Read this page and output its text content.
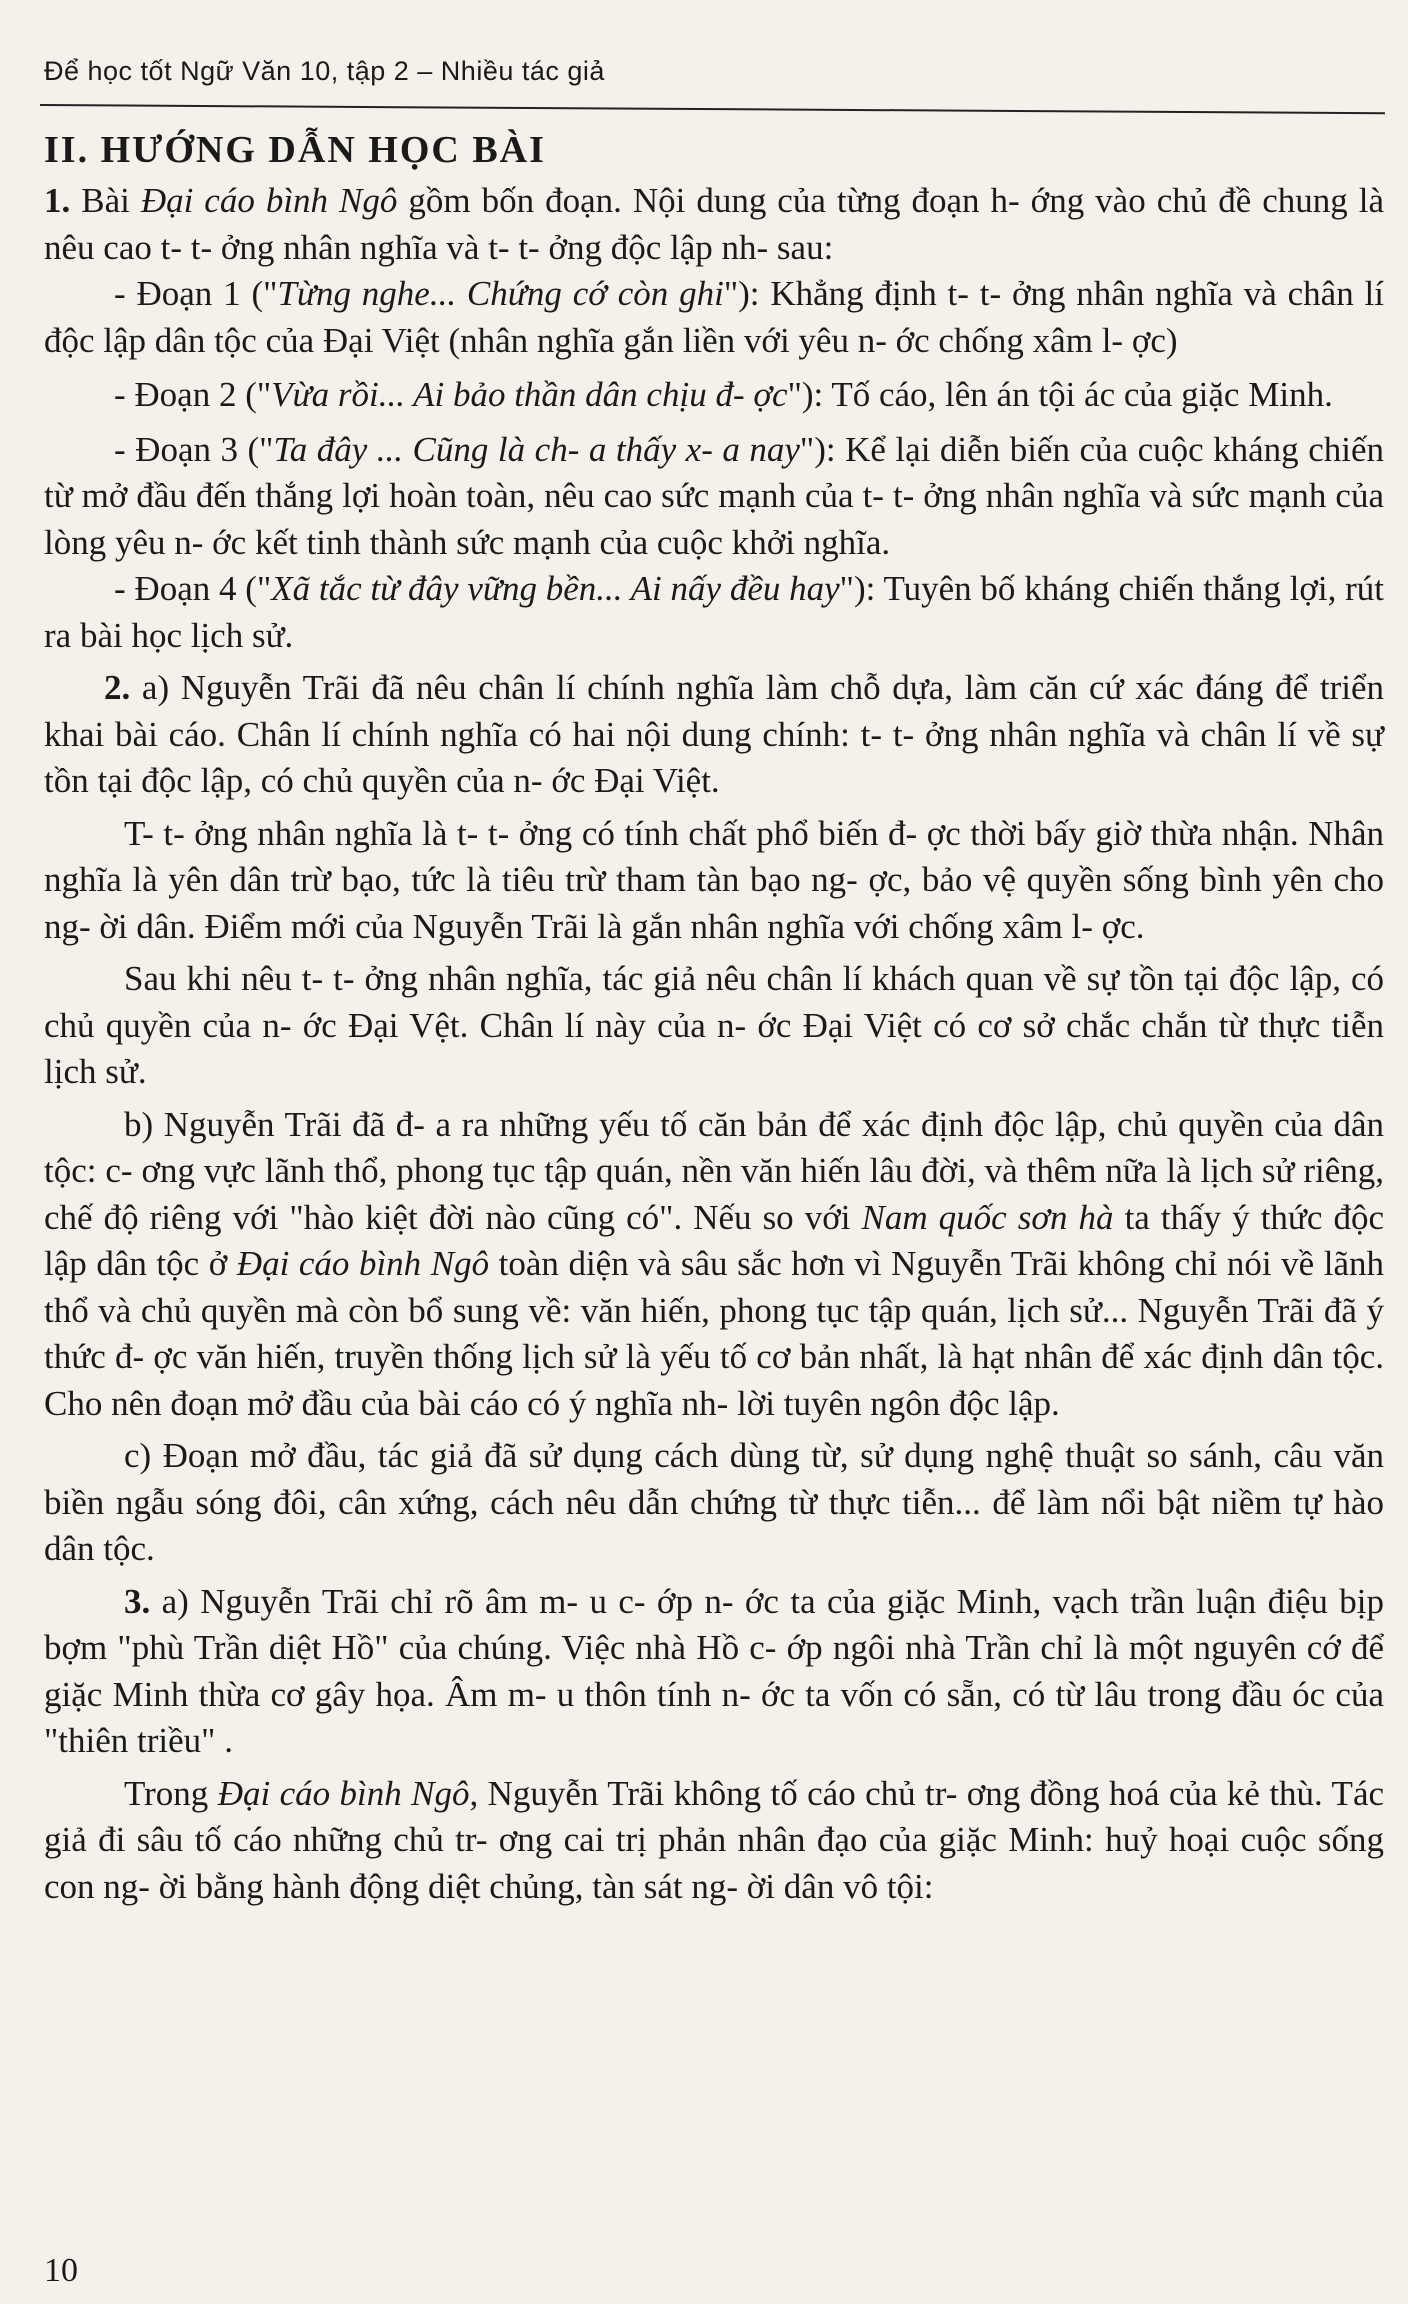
Để học tốt Ngữ Văn 10, tập 2 – Nhiều tác giả
II. HƯỚNG DẪN HỌC BÀI

1. Bài Đại cáo bình Ngô gồm bốn đoạn. Nội dung của từng đoạn h- ớng vào chủ đề chung là nêu cao t- t- ởng nhân nghĩa và t- t- ởng độc lập nh- sau:

- Đoạn 1 ("Từng nghe... Chứng cớ còn ghi"): Khẳng định t- t- ởng nhân nghĩa và chân lí độc lập dân tộc của Đại Việt (nhân nghĩa gắn liền với yêu n- ớc chống xâm l- ợc)

- Đoạn 2 ("Vừa rồi... Ai bảo thần dân chịu đ- ợc"): Tố cáo, lên án tội ác của giặc Minh.

- Đoạn 3 ("Ta đây ... Cũng là ch- a thấy x- a nay"): Kể lại diễn biến của cuộc kháng chiến từ mở đầu đến thắng lợi hoàn toàn, nêu cao sức mạnh của t- t- ởng nhân nghĩa và sức mạnh của lòng yêu n- ớc kết tinh thành sức mạnh của cuộc khởi nghĩa.

- Đoạn 4 ("Xã tắc từ đây vững bền... Ai nấy đều hay"): Tuyên bố kháng chiến thắng lợi, rút ra bài học lịch sử.

2. a) Nguyễn Trãi đã nêu chân lí chính nghĩa làm chỗ dựa, làm căn cứ xác đáng để triển khai bài cáo. Chân lí chính nghĩa có hai nội dung chính: t- t- ởng nhân nghĩa và chân lí về sự tồn tại độc lập, có chủ quyền của n- ớc Đại Việt.

T- t- ởng nhân nghĩa là t- t- ởng có tính chất phổ biến đ- ợc thời bấy giờ thừa nhận. Nhân nghĩa là yên dân trừ bạo, tức là tiêu trừ tham tàn bạo ng- ợc, bảo vệ quyền sống bình yên cho ng- ời dân. Điểm mới của Nguyễn Trãi là gắn nhân nghĩa với chống xâm l- ợc.

Sau khi nêu t- t- ởng nhân nghĩa, tác giả nêu chân lí khách quan về sự tồn tại độc lập, có chủ quyền của n- ớc Đại Vệt. Chân lí này của n- ớc Đại Việt có cơ sở chắc chắn từ thực tiễn lịch sử.

b) Nguyễn Trãi đã đ- a ra những yếu tố căn bản để xác định độc lập, chủ quyền của dân tộc: c- ơng vực lãnh thổ, phong tục tập quán, nền văn hiến lâu đời, và thêm nữa là lịch sử riêng, chế độ riêng với "hào kiệt đời nào cũng có". Nếu so với Nam quốc sơn hà ta thấy ý thức độc lập dân tộc ở Đại cáo bình Ngô toàn diện và sâu sắc hơn vì Nguyễn Trãi không chỉ nói về lãnh thổ và chủ quyền mà còn bổ sung về: văn hiến, phong tục tập quán, lịch sử... Nguyễn Trãi đã ý thức đ- ợc văn hiến, truyền thống lịch sử là yếu tố cơ bản nhất, là hạt nhân để xác định dân tộc. Cho nên đoạn mở đầu của bài cáo có ý nghĩa nh- lời tuyên ngôn độc lập.

c) Đoạn mở đầu, tác giả đã sử dụng cách dùng từ, sử dụng nghệ thuật so sánh, câu văn biền ngẫu sóng đôi, cân xứng, cách nêu dẫn chứng từ thực tiễn... để làm nổi bật niềm tự hào dân tộc.

3. a) Nguyễn Trãi chỉ rõ âm m- u c- ớp n- ớc ta của giặc Minh, vạch trần luận điệu bịp bợm "phù Trần diệt Hồ" của chúng. Việc nhà Hồ c- ớp ngôi nhà Trần chỉ là một nguyên cớ để giặc Minh thừa cơ gây họa. Âm m- u thôn tính n- ớc ta vốn có sẵn, có từ lâu trong đầu óc của "thiên triều" .

Trong Đại cáo bình Ngô, Nguyễn Trãi không tố cáo chủ tr- ơng đồng hoá của kẻ thù. Tác giả đi sâu tố cáo những chủ tr- ơng cai trị phản nhân đạo của giặc Minh: huỷ hoại cuộc sống con ng- ời bằng hành động diệt chủng, tàn sát ng- ời dân vô tội:

10
